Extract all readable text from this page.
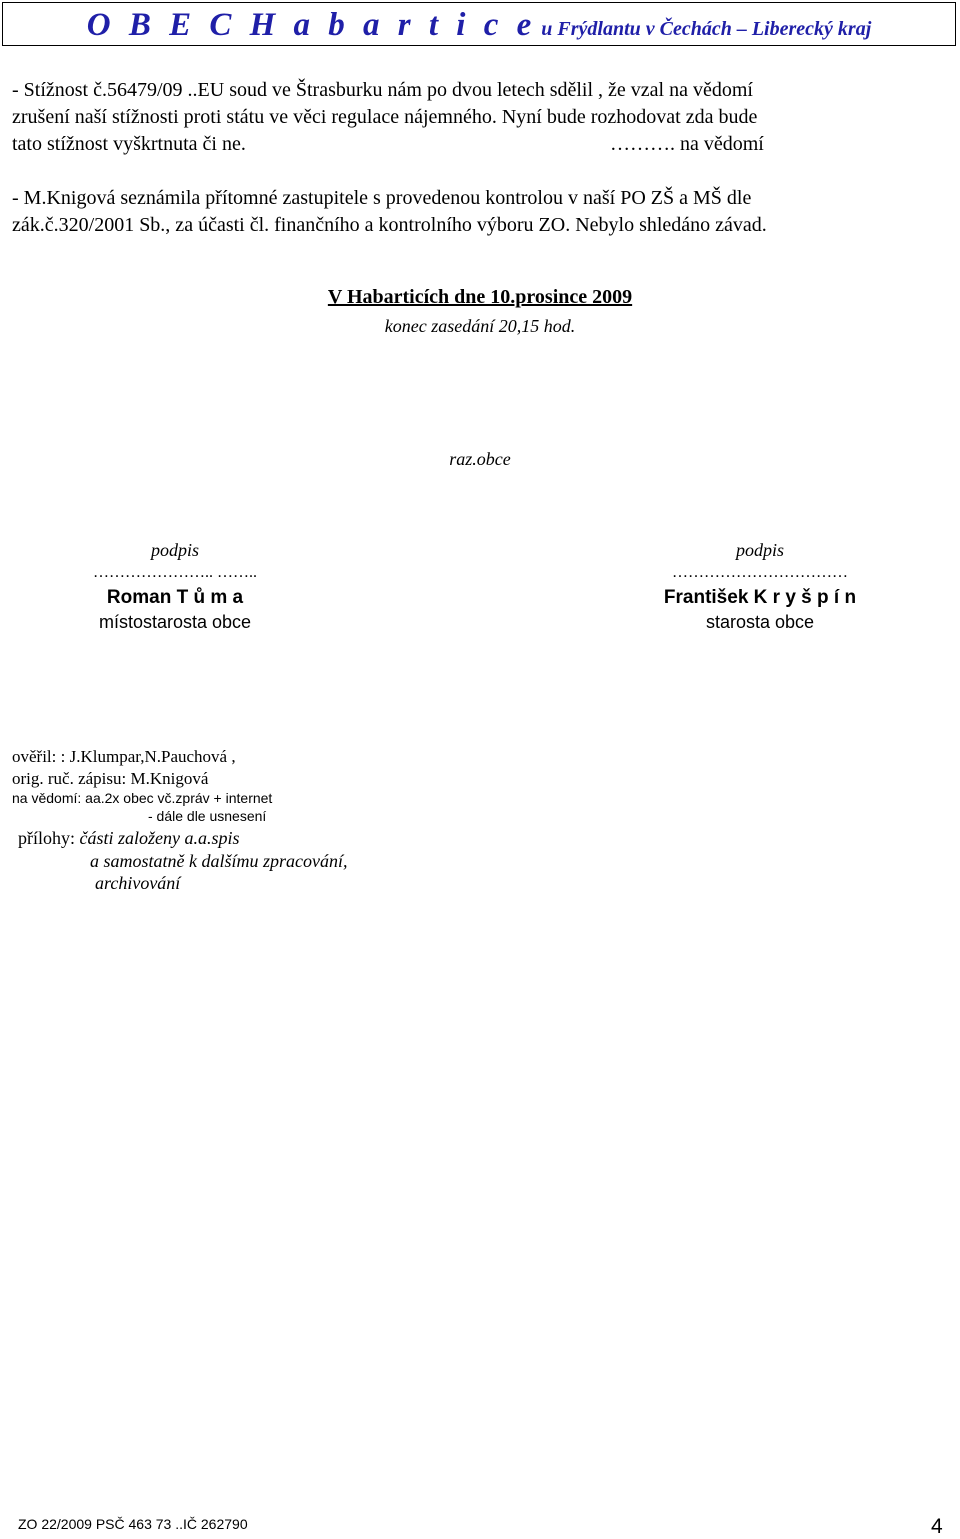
O B E C H a b a r t i c e u Frýdlantu v Čechách – Liberecký kraj
- Stížnost č.56479/09 ..EU soud ve Štrasburku nám po dvou letech sdělil , že vzal na vědomí
zrušení naší stížnosti proti státu ve věci regulace nájemného. Nyní bude rozhodovat zda bude
tato stížnost vyškrtnuta či ne.	………. na vědomí
- M.Knigová seznámila přítomné zastupitele s provedenou kontrolou v naší PO ZŠ a MŠ dle
zák.č.320/2001 Sb., za účasti čl. finančního a kontrolního výboru ZO. Nebylo shledáno závad.
V Habarticích dne 10.prosince 2009
konec zasedání 20,15 hod.
raz.obce
podpis
………………….. ……..
Roman T ů m a
místostarosta obce
podpis
……………………………
František K r y š p í n
starosta obce
ověřil: : J.Klumpar,N.Pauchová ,
orig. ruč. zápisu: M.Knigová
na vědomí: aa.2x obec vč.zpráv + internet
- dále dle usnesení
přílohy: části založeny a.a.spis
a samostatně k dalšímu zpracování,
archivování
ZO 22/2009 PSČ 463 73 ..IČ 262790	4
